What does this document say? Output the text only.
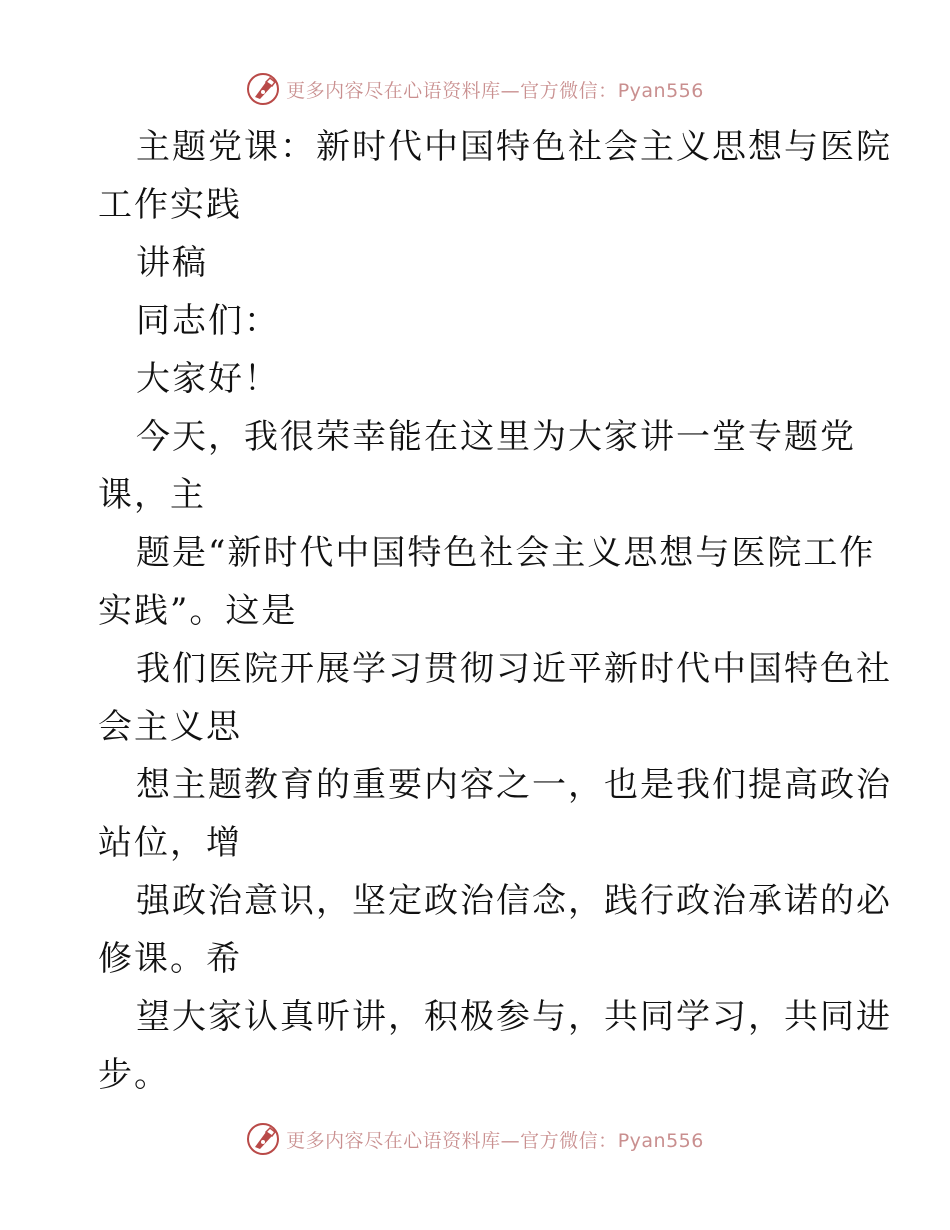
更多内容尽在心语资料库—官方微信：Pyan556
主题党课：新时代中国特色社会主义思想与医院
工作实践
讲稿
同志们：
大家好！
今天，我很荣幸能在这里为大家讲一堂专题党
课，主
题是“新时代中国特色社会主义思想与医院工作
实践”。这是
我们医院开展学习贯彻习近平新时代中国特色社
会主义思
想主题教育的重要内容之一，也是我们提高政治
站位，增
强政治意识，坚定政治信念，践行政治承诺的必
修课。希
望大家认真听讲，积极参与，共同学习，共同进
步。
更多内容尽在心语资料库—官方微信：Pyan556
